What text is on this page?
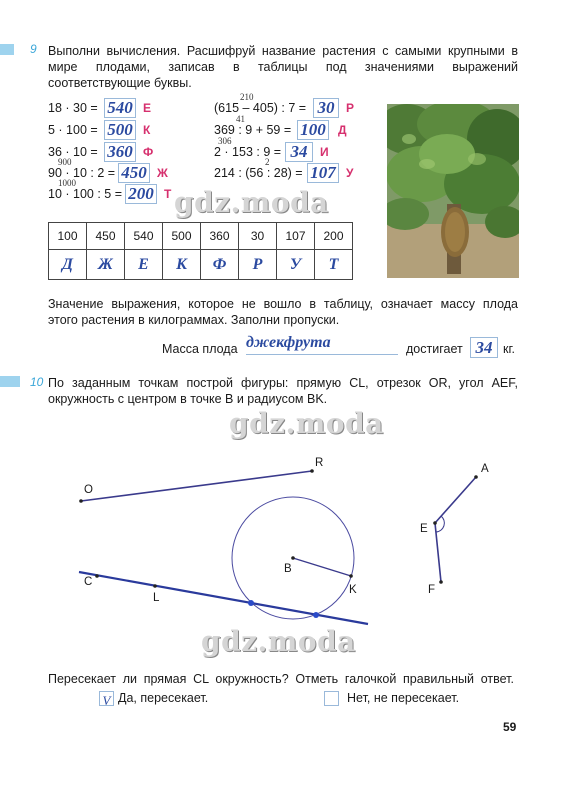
9 Выполни вычисления. Расшифруй название растения с самыми крупными в
мире плодами, записав в таблицы под значениями выражений
соответствующие буквы.
18 · 30 = 540 Е
5 · 100 = 500 К
36 · 10 = 360 Ф
900
90 · 10 : 2 = 450 Ж
1000
10 · 100 : 5 = 200 Т
210
(615 – 405) : 7 = 30 Р
41
369 : 9 + 59 = 100 Д
306
2 · 153 : 9 = 34	И
2
214 : (56 : 28) = 107 У
gdz.moda
100	450	540	500	360	30	107	200
Д	Ж	Е	К	Ф	Р	У	Т
Значение выражения, которое не вошло в таблицу, означает массу плода
этого растения в килограммах. Заполни пропуски.
Масса плода джекфрута	достигает 34 кг.
10 По заданным точкам построй фигуры: прямую CL, отрезок OR, угол AEF,
окружность с центром в точке B и радиусом BK.
gdz.moda
O
R
C
L
B
K
A
E
F
gdz.moda
Пересекает ли прямая CL окружность? Отметь галочкой правильный ответ.
V Да, пересекает.	Нет, не пересекает.
59
